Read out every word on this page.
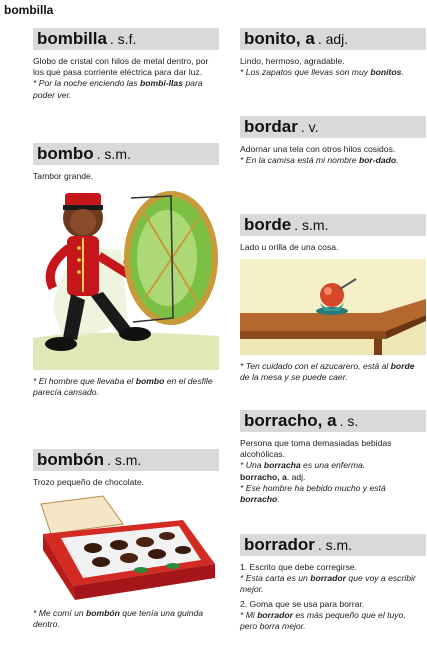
bombilla
bombilla . s.f.

Globo de cristal con hilos de metal dentro, por los que pasa corriente eléctrica para dar luz.

* Por la noche enciendo las bombi-llas para poder ver.

bombo . s.m.

Tambor grande.

* El hombre que llevaba el bombo en el desfile parecía cansado.

bombón . s.m.

Trozo pequeño de chocolate.

* Me comí un bombón que tenía una guinda dentro.

bonito, a . adj.

Lindo, hermoso, agradable.

* Los zapatos que llevas son muy bonitos.

bordar . v.

Adornar una tela con otros hilos cosidos.

* En la camisa está mi nombre bor-dado.

borde . s.m.

Lado u orilla de una cosa.

* Ten cuidado con el azucarero, está al borde de la mesa y se puede caer.

borracho, a . s.

Persona que toma demasiadas bebidas alcohólicas.

* Una borracha es una enferma.

borracho, a. adj.

* Ese hombre ha bebido mucho y está borracho.

borrador . s.m.

1. Escrito que debe corregirse.

* Esta carta es un borrador que voy a escribir mejor.

2. Goma que se usa para borrar.

* Mi borrador es más pequeño que el tuyo, pero borra mejor.
